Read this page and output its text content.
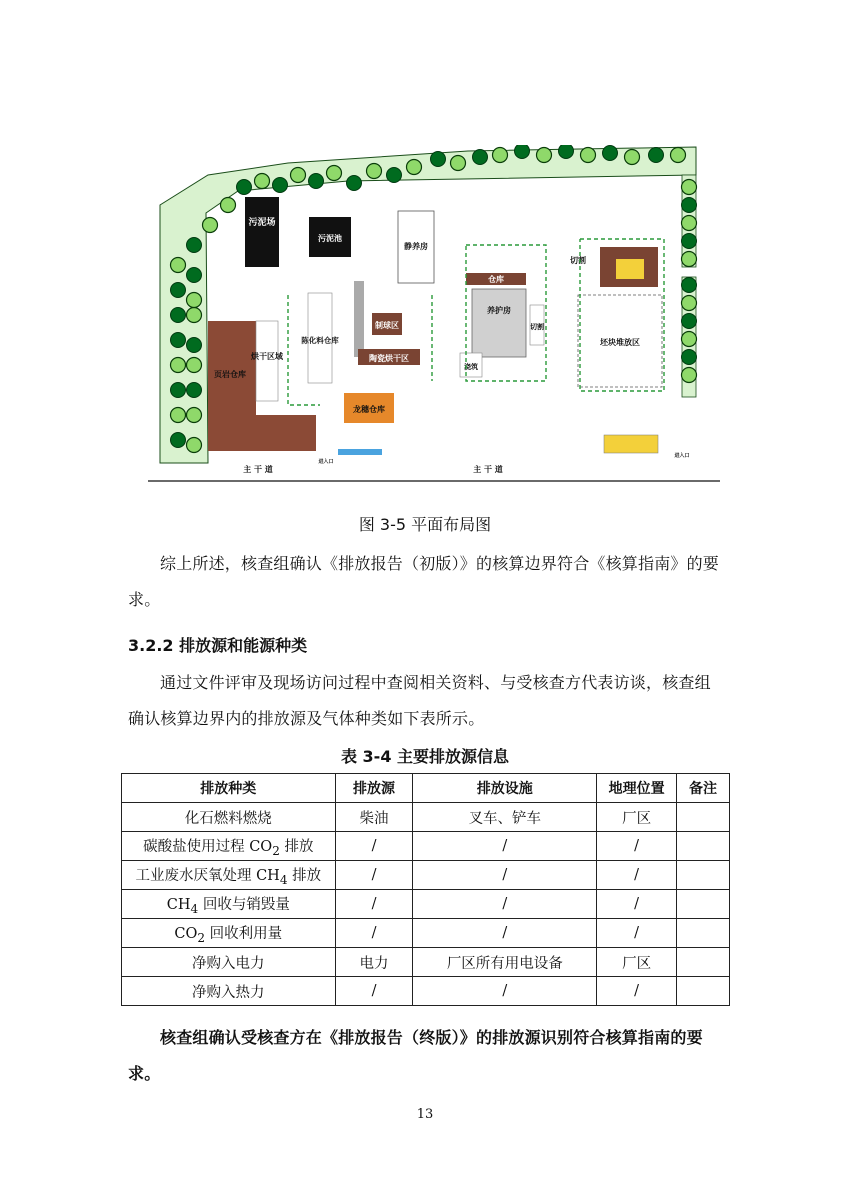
污泥场
污泥池
静养房
页岩仓库
烘干区域
陈化料仓库
制球区
陶瓷烘干区
龙穗仓库
仓库
养护房
切割
浇筑
切割
坯块堆放区
主 干 道	主 干 道
进入口
进入口
图 3-5 平面布局图
综上所述，核查组确认《排放报告（初版）》的核算边界符合《核算指南》的要求。
3.2.2 排放源和能源种类
通过文件评审及现场访问过程中查阅相关资料、与受核查方代表访谈，核查组确认核算边界内的排放源及气体种类如下表所示。
表 3-4 主要排放源信息
排放种类	排放源	排放设施	地理位置	备注
化石燃料燃烧	柴油	叉车、铲车	厂区	
碳酸盐使用过程 $CO_2$ 排放	/	/	/	
工业废水厌氧处理 $CH_4$ 排放	/	/	/	
$CH_4$ 回收与销毁量	/	/	/	
$CO_2$ 回收利用量	/	/	/	
净购入电力	电力	厂区所有用电设备	厂区	
净购入热力	/	/	/	
核查组确认受核查方在《排放报告（终版）》的排放源识别符合核算指南的要求。
13
